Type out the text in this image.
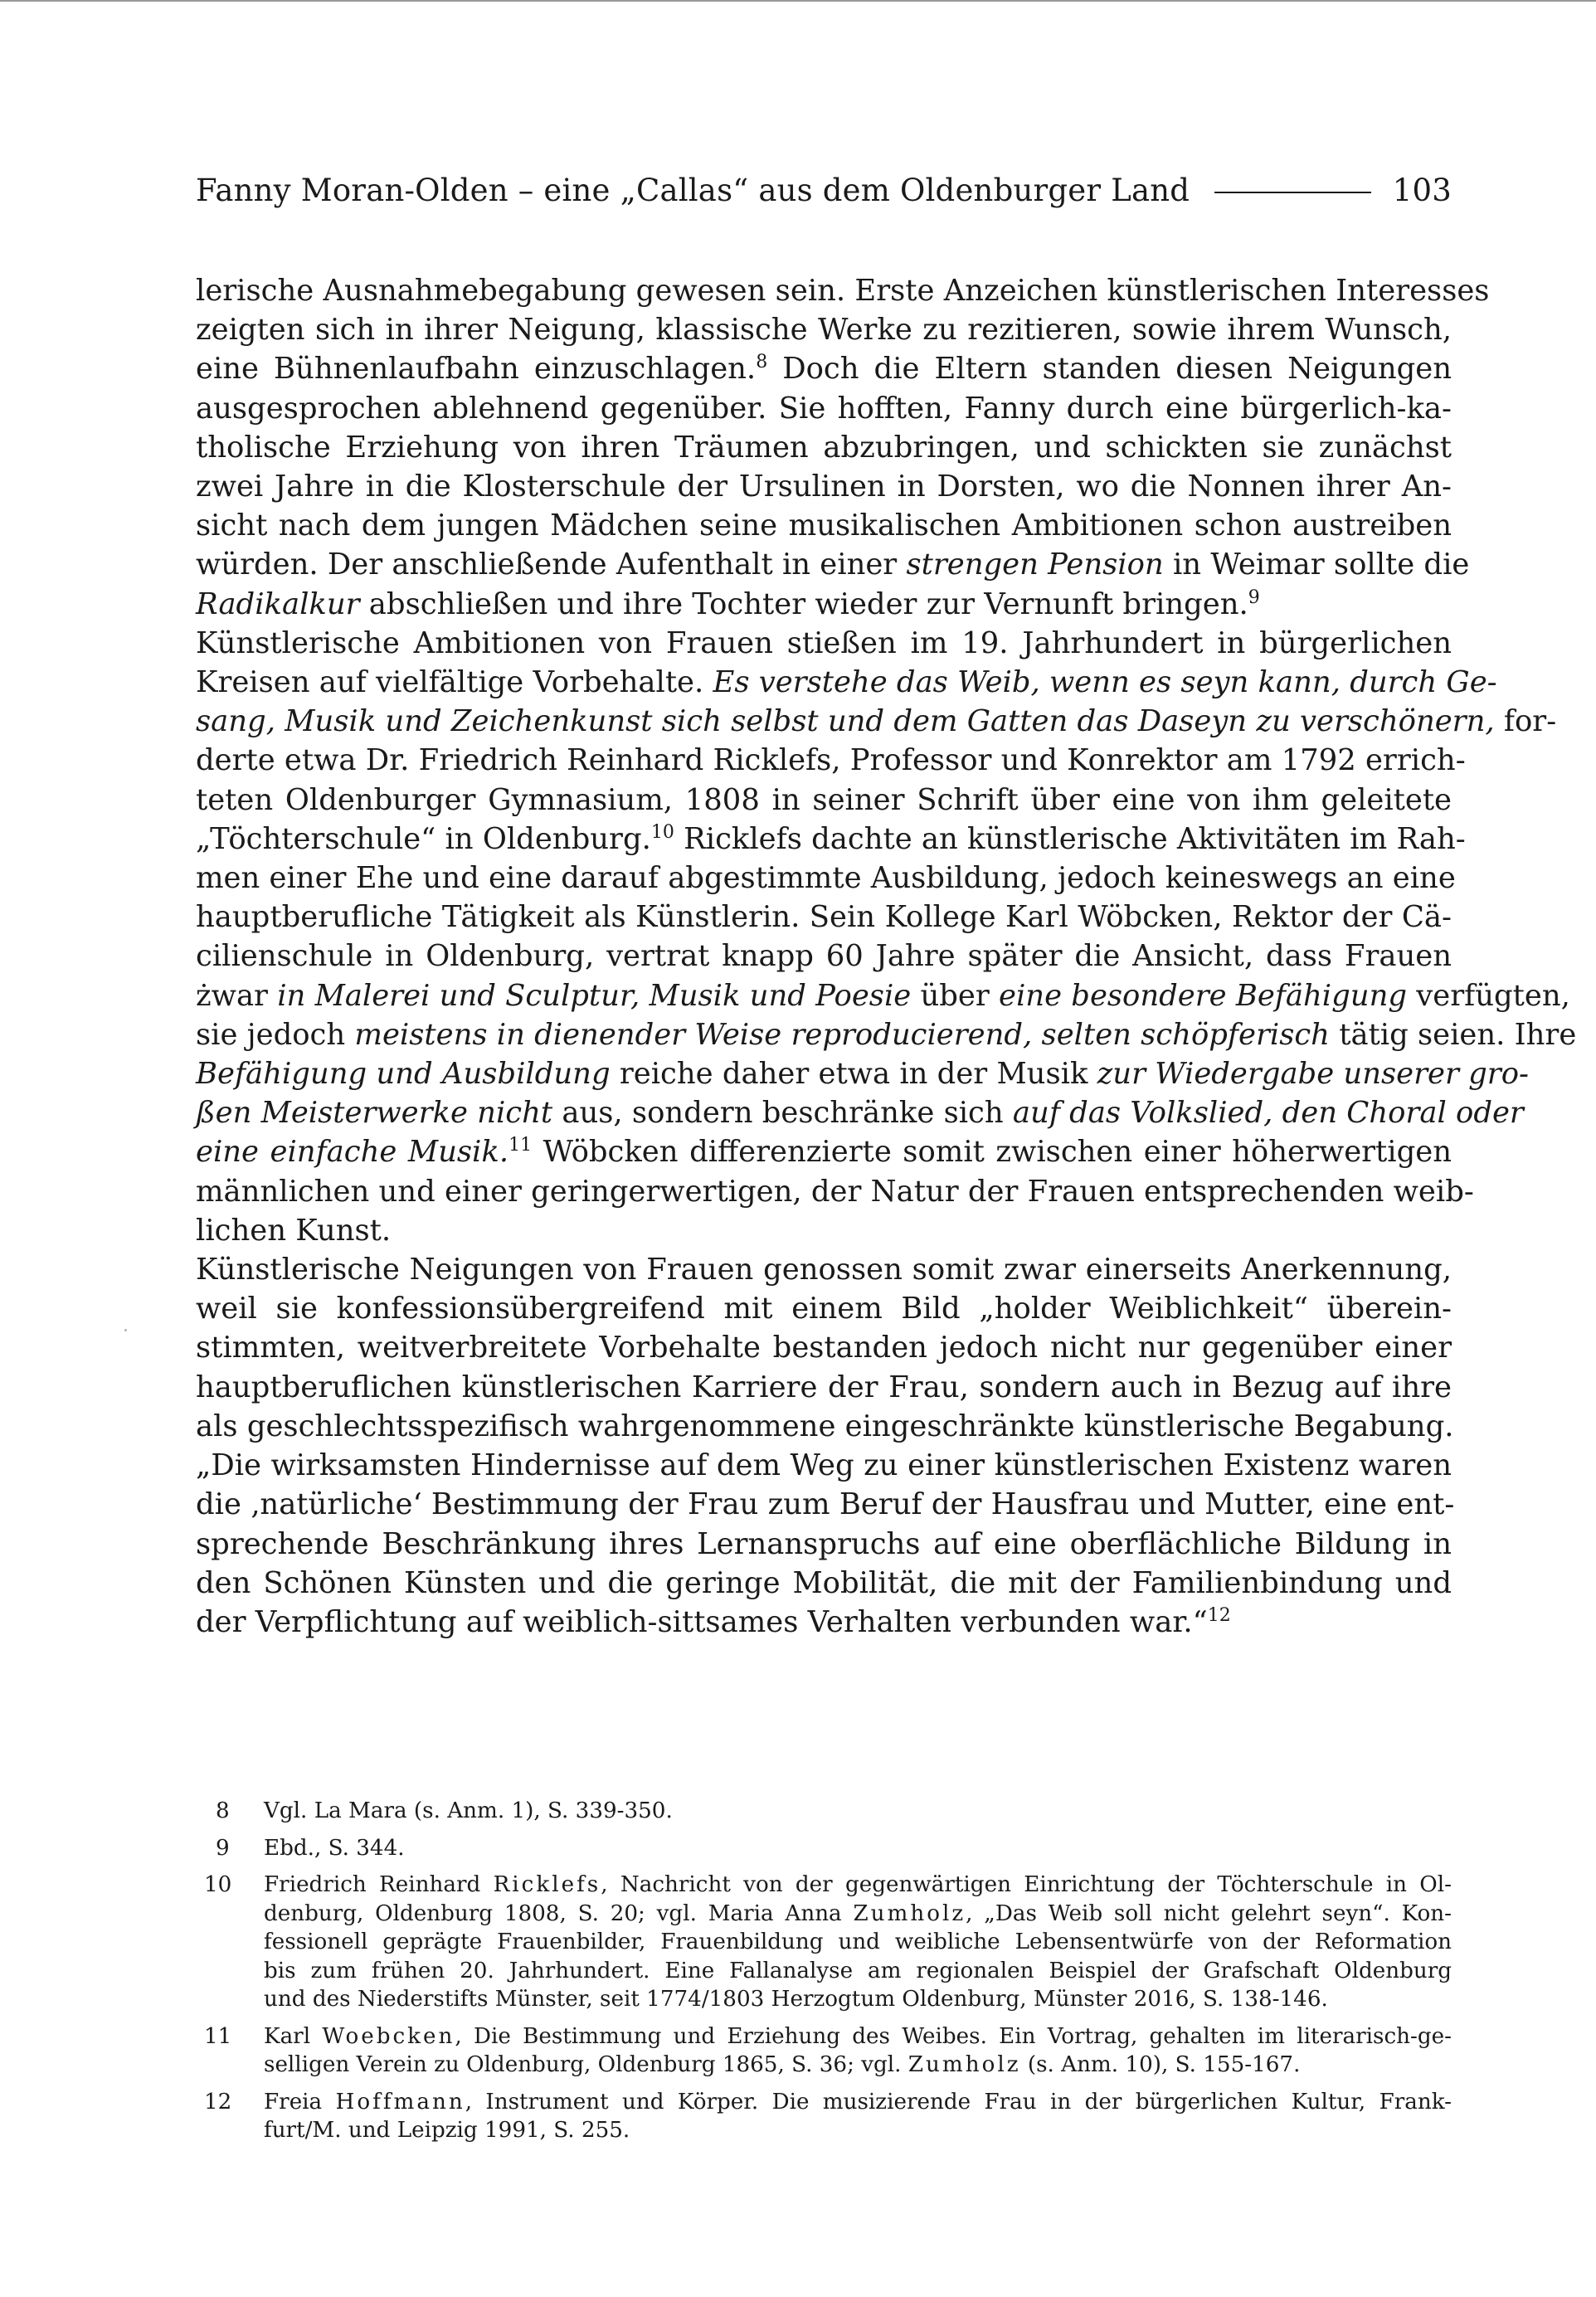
Fanny Moran-Olden – eine „Callas“ aus dem Oldenburger Land	103

lerische Ausnahmebegabung gewesen sein. Erste Anzeichen künstlerischen Interesses
zeigten sich in ihrer Neigung, klassische Werke zu rezitieren, sowie ihrem Wunsch,
eine Bühnenlaufbahn einzuschlagen.$^8$ Doch die Eltern standen diesen Neigungen
ausgesprochen ablehnend gegenüber. Sie hofften, Fanny durch eine bürgerlich-ka-
tholische Erziehung von ihren Träumen abzubringen, und schickten sie zunächst
zwei Jahre in die Klosterschule der Ursulinen in Dorsten, wo die Nonnen ihrer An-
sicht nach dem jungen Mädchen seine musikalischen Ambitionen schon austreiben
würden. Der anschließende Aufenthalt in einer strengen Pension in Weimar sollte die
Radikalkur abschließen und ihre Tochter wieder zur Vernunft bringen.$^9$

Künstlerische Ambitionen von Frauen stießen im 19. Jahrhundert in bürgerlichen
Kreisen auf vielfältige Vorbehalte. Es verstehe das Weib, wenn es seyn kann, durch Ge-
sang, Musik und Zeichenkunst sich selbst und dem Gatten das Daseyn zu verschönern, for-
derte etwa Dr. Friedrich Reinhard Ricklefs, Professor und Konrektor am 1792 errich-
teten Oldenburger Gymnasium, 1808 in seiner Schrift über eine von ihm geleitete
„Töchterschule“ in Oldenburg.$^{10}$ Ricklefs dachte an künstlerische Aktivitäten im Rah-
men einer Ehe und eine darauf abgestimmte Ausbildung, jedoch keineswegs an eine
hauptberufliche Tätigkeit als Künstlerin. Sein Kollege Karl Wöbcken, Rektor der Cä-
cilienschule in Oldenburg, vertrat knapp 60 Jahre später die Ansicht, dass Frauen
żwar in Malerei und Sculptur, Musik und Poesie über eine besondere Befähigung verfügten,
sie jedoch meistens in dienender Weise reproducierend, selten schöpferisch tätig seien. Ihre
Befähigung und Ausbildung reiche daher etwa in der Musik zur Wiedergabe unserer gro-
ßen Meisterwerke nicht aus, sondern beschränke sich auf das Volkslied, den Choral oder
eine einfache Musik.$^{11}$ Wöbcken differenzierte somit zwischen einer höherwertigen
männlichen und einer geringerwertigen, der Natur der Frauen entsprechenden weib-
lichen Kunst.

Künstlerische Neigungen von Frauen genossen somit zwar einerseits Anerkennung,
weil sie konfessionsübergreifend mit einem Bild „holder Weiblichkeit“ überein-
stimmten, weitverbreitete Vorbehalte bestanden jedoch nicht nur gegenüber einer
hauptberuflichen künstlerischen Karriere der Frau, sondern auch in Bezug auf ihre
als geschlechtsspezifisch wahrgenommene eingeschränkte künstlerische Begabung.
„Die wirksamsten Hindernisse auf dem Weg zu einer künstlerischen Existenz waren
die ‚natürliche‘ Bestimmung der Frau zum Beruf der Hausfrau und Mutter, eine ent-
sprechende Beschränkung ihres Lernanspruchs auf eine oberflächliche Bildung in
den Schönen Künsten und die geringe Mobilität, die mit der Familienbindung und
der Verpflichtung auf weiblich-sittsames Verhalten verbunden war.“$^{12}$

8	Vgl. La Mara (s. Anm. 1), S. 339-350.
9	Ebd., S. 344.
10	Friedrich Reinhard Ricklefs, Nachricht von der gegenwärtigen Einrichtung der Töchterschule in Ol-
denburg, Oldenburg 1808, S. 20; vgl. Maria Anna Zumholz, „Das Weib soll nicht gelehrt seyn“. Kon-
fessionell geprägte Frauenbilder, Frauenbildung und weibliche Lebensentwürfe von der Reformation
bis zum frühen 20. Jahrhundert. Eine Fallanalyse am regionalen Beispiel der Grafschaft Oldenburg
und des Niederstifts Münster, seit 1774/1803 Herzogtum Oldenburg, Münster 2016, S. 138-146.
11	Karl Woebcken, Die Bestimmung und Erziehung des Weibes. Ein Vortrag, gehalten im literarisch-ge-
selligen Verein zu Oldenburg, Oldenburg 1865, S. 36; vgl. Zumholz (s. Anm. 10), S. 155-167.
12	Freia Hoffmann, Instrument und Körper. Die musizierende Frau in der bürgerlichen Kultur, Frank-
furt/M. und Leipzig 1991, S. 255.
